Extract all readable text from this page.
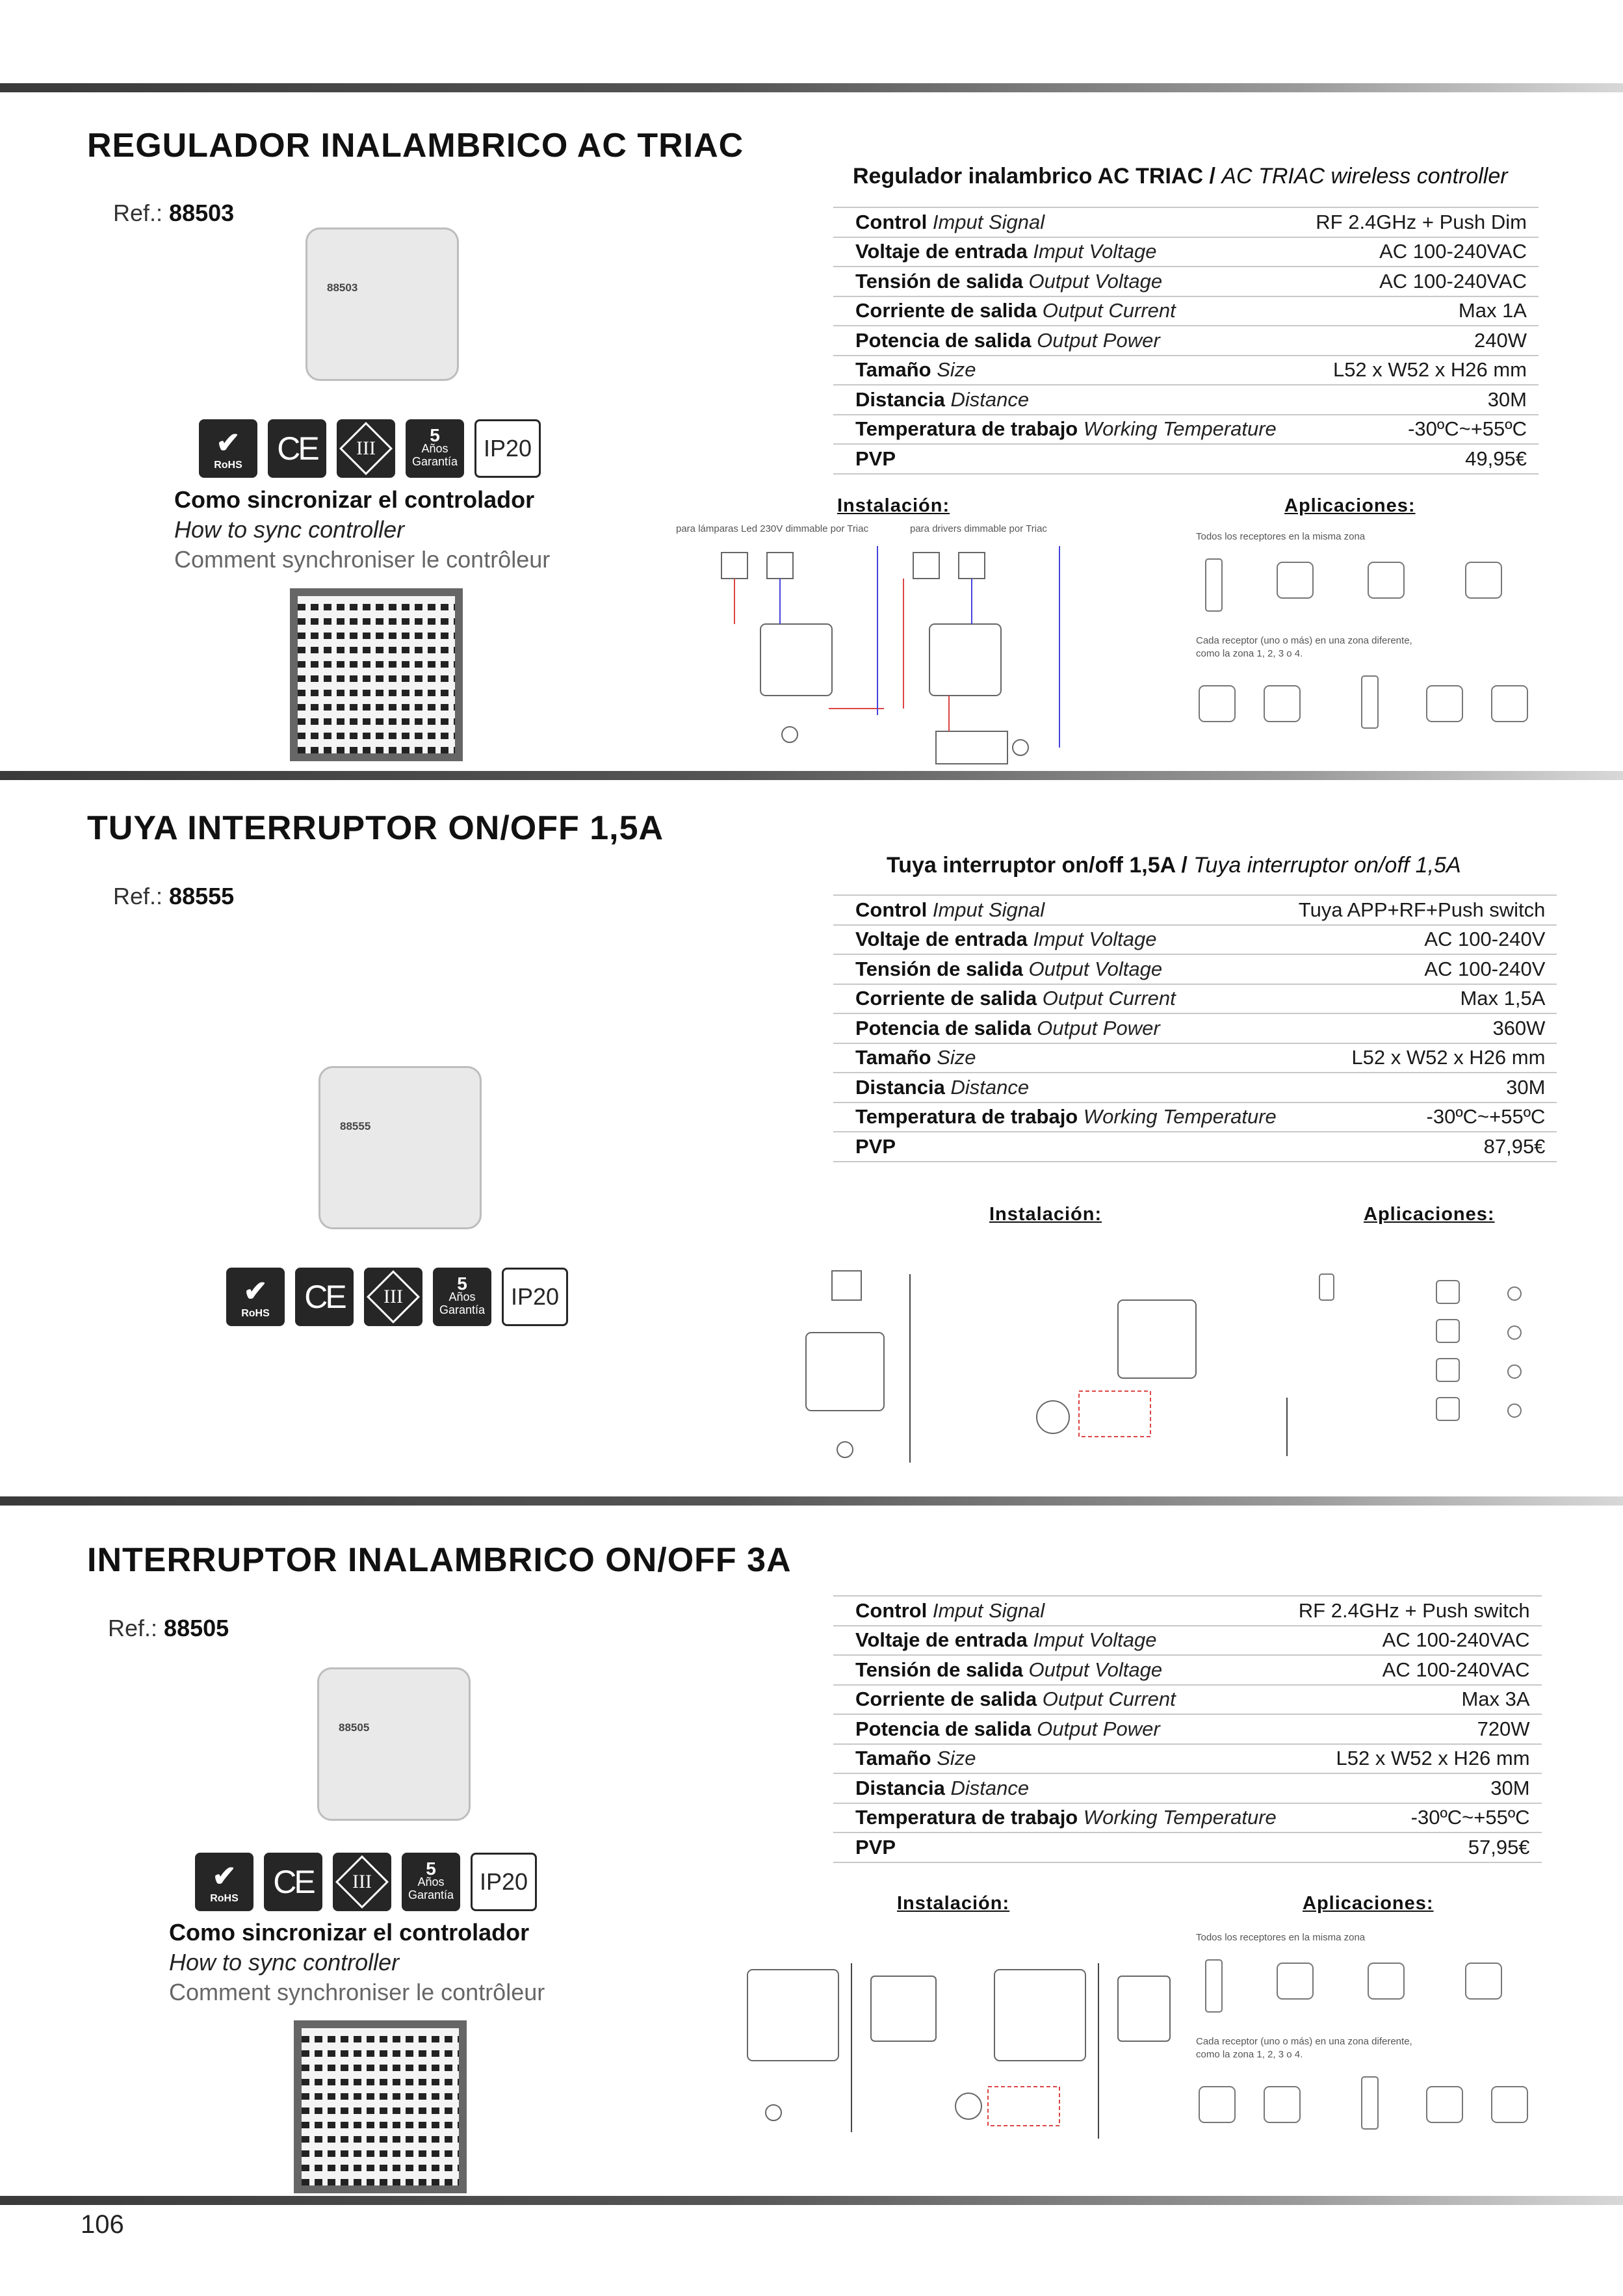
REGULADOR INALAMBRICO AC TRIAC
Ref.: 88503
88503
✔
RoHS CE	III
5
Años
Garantía	IP20
Como sincronizar el controlador
How to sync controller
Comment synchroniser le contrôleur
Regulador inalambrico AC TRIAC / AC TRIAC wireless controller
Control Imput Signal	RF 2.4GHz + Push Dim
Voltaje de entrada Imput Voltage	AC 100-240VAC
Tensión de salida Output Voltage	AC 100-240VAC
Corriente de salida Output Current	Max 1A
Potencia de salida Output Power	240W
Tamaño Size	L52 x W52 x H26 mm
Distancia Distance	30M
Temperatura de trabajo Working Temperature	-30ºC~+55ºC
PVP	49,95€
Instalación:	Aplicaciones:
para lámparas Led 230V dimmable por Triac	para drivers dimmable por Triac
Todos los receptores en la misma zona
Cada receptor (uno o más) en una zona diferente,
como la zona 1, 2, 3 o 4.
TUYA INTERRUPTOR ON/OFF 1,5A
Ref.: 88555
88555
✔
RoHS CE	III
5
Años
Garantía	IP20
Tuya interruptor on/off 1,5A / Tuya interruptor on/off 1,5A
Control Imput Signal	Tuya APP+RF+Push switch
Voltaje de entrada Imput Voltage	AC 100-240V
Tensión de salida Output Voltage	AC 100-240V
Corriente de salida Output Current	Max 1,5A
Potencia de salida Output Power	360W
Tamaño Size	L52 x W52 x H26 mm
Distancia Distance	30M
Temperatura de trabajo Working Temperature	-30ºC~+55ºC
PVP	87,95€
Instalación:	Aplicaciones:
INTERRUPTOR INALAMBRICO ON/OFF 3A
Ref.: 88505
88505
✔
RoHS CE	III
5
Años
Garantía	IP20
Como sincronizar el controlador
How to sync controller
Comment synchroniser le contrôleur
Control Imput Signal	RF 2.4GHz + Push switch
Voltaje de entrada Imput Voltage	AC 100-240VAC
Tensión de salida Output Voltage	AC 100-240VAC
Corriente de salida Output Current	Max 3A
Potencia de salida Output Power	720W
Tamaño Size	L52 x W52 x H26 mm
Distancia Distance	30M
Temperatura de trabajo Working Temperature	-30ºC~+55ºC
PVP	57,95€
Instalación:	Aplicaciones:
Todos los receptores en la misma zona
Cada receptor (uno o más) en una zona diferente,
como la zona 1, 2, 3 o 4.
106
